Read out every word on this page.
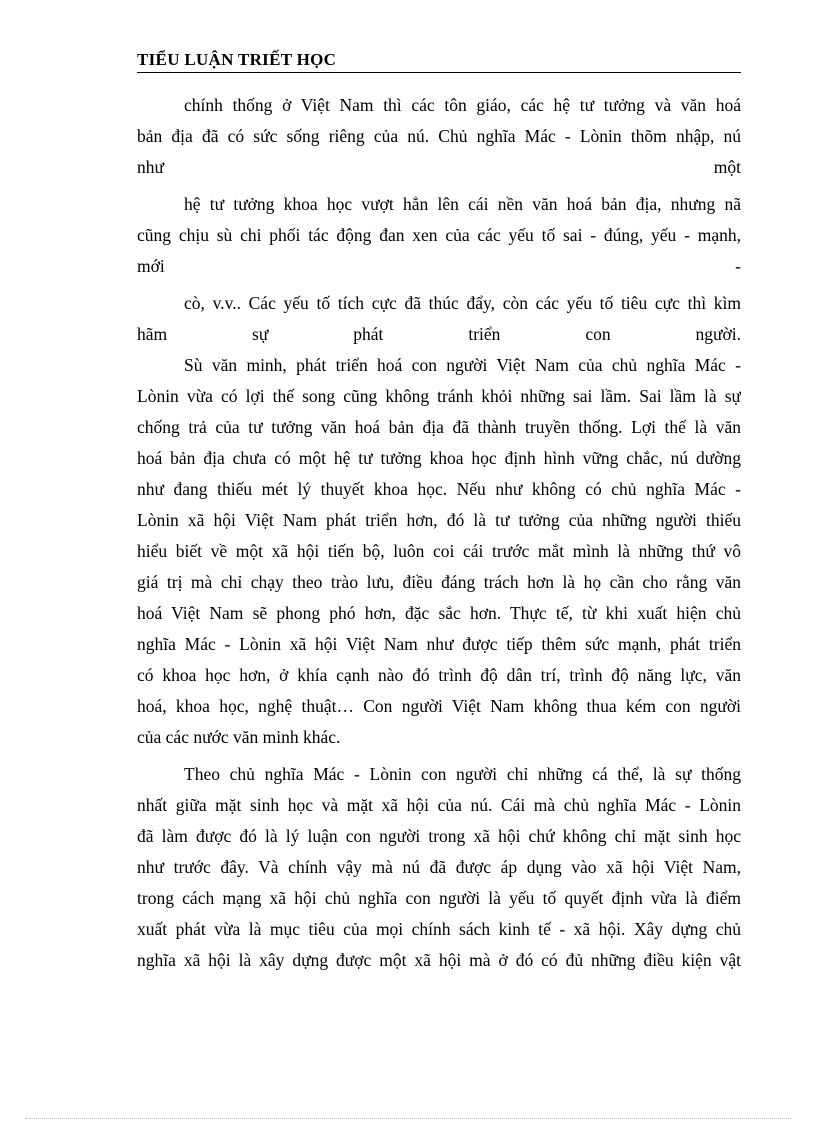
TIỂU LUẬN TRIẾT HỌC
chính thống ở Việt Nam thì các tôn giáo, các hệ tư tưởng và văn hoá
bản địa đã có sức sống riêng của nú. Chủ nghĩa Mác - Lònin thõm nhập, nú
như một
hệ tư tưởng khoa học vượt hẳn lên cái nền văn hoá bản địa, nhưng nã
cũng chịu sù chi phối tác động đan xen của các yếu tố sai - đúng, yếu - mạnh,
mới -
cò, v.v.. Các yếu tố tích cực đã thúc đẩy, còn các yếu tố tiêu cực thì kìm
hãm sự phát triển con người.
Sù văn minh, phát triển hoá con người Việt Nam của chủ nghĩa Mác -
Lònin vừa có lợi thế song cũng không tránh khỏi những sai lầm. Sai lầm là sự
chống trả của tư tưởng văn hoá bản địa đã thành truyền thống. Lợi thế là văn
hoá bản địa chưa có một hệ tư tưởng khoa học định hình vững chắc, nú dường
như đang thiếu mét lý thuyết khoa học. Nếu như không có chủ nghĩa Mác -
Lònin xã hội Việt Nam phát triển hơn, đó là tư tưởng của những người thiếu
hiểu biết về một xã hội tiến bộ, luôn coi cái trước mắt mình là những thứ vô
giá trị mà chỉ chạy theo trào lưu, điều đáng trách hơn là họ cần cho rằng văn
hoá Việt Nam sẽ phong phó hơn, đặc sắc hơn. Thực tế, từ khi xuất hiện chủ
nghĩa Mác - Lònin xã hội Việt Nam như được tiếp thêm sức mạnh, phát triển
có khoa học hơn, ở khía cạnh nào đó trình độ dân trí, trình độ năng lực, văn
hoá, khoa học, nghệ thuật… Con người Việt Nam không thua kém con người
của các nước văn minh khác.
Theo chủ nghĩa Mác - Lònin con người chỉ những cá thể, là sự thống
nhất giữa mặt sinh học và mặt xã hội của nú. Cái mà chủ nghĩa Mác - Lònin
đã làm được đó là lý luận con người trong xã hội chứ không chỉ mặt sinh học
như trước đây. Và chính vậy mà nú đã được áp dụng vào xã hội Việt Nam,
trong cách mạng xã hội chủ nghĩa con người là yếu tố quyết định vừa là điểm
xuất phát vừa là mục tiêu của mọi chính sách kinh tế - xã hội. Xây dựng chủ
nghĩa xã hội là xây dựng được một xã hội mà ở đó có đủ những điều kiện vật
